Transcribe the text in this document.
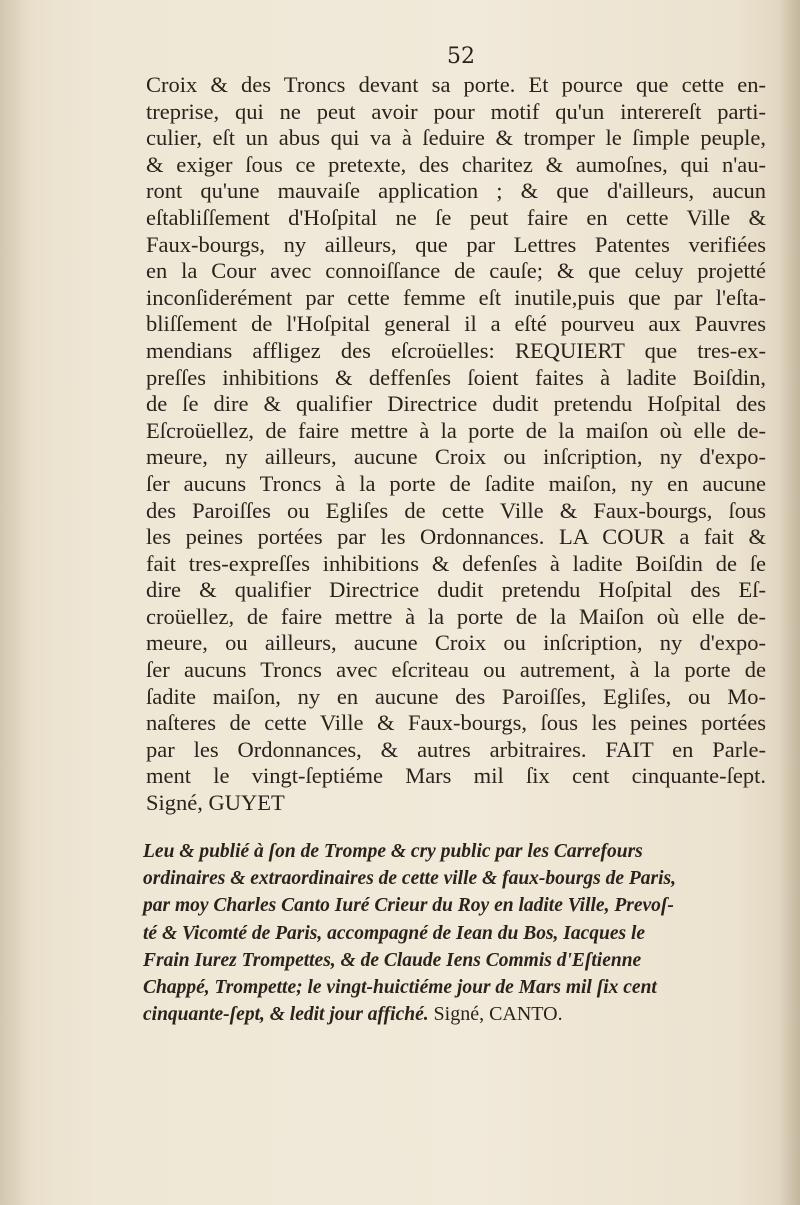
52
Croix & des Troncs devant sa porte. Et pource que cette en-
treprise, qui ne peut avoir pour motif qu'un interereſt parti-
culier, eſt un abus qui va à ſeduire & tromper le ſimple peuple,
& exiger ſous ce pretexte, des charitez & aumoſnes, qui n'au-
ront qu'une mauvaiſe application ; & que d'ailleurs, aucun
eſtabliſſement d'Hoſpital ne ſe peut faire en cette Ville &
Faux-bourgs, ny ailleurs, que par Lettres Patentes verifiées
en la Cour avec connoiſſance de cauſe; & que celuy projetté
inconſiderément par cette femme eſt inutile,puis que par l'eſta-
bliſſement de l'Hoſpital general il a eſté pourveu aux Pauvres
mendians affligez des eſcroüelles: REQUIERT que tres-ex-
preſſes inhibitions & deffenſes ſoient faites à ladite Boiſdin,
de ſe dire & qualifier Directrice dudit pretendu Hoſpital des
Eſcroüellez, de faire mettre à la porte de la maiſon où elle de-
meure, ny ailleurs, aucune Croix ou inſcription, ny d'expo-
ſer aucuns Troncs à la porte de ſadite maiſon, ny en aucune
des Paroiſſes ou Egliſes de cette Ville & Faux-bourgs, ſous
les peines portées par les Ordonnances. LA COUR a fait &
fait tres-expreſſes inhibitions & defenſes à ladite Boiſdin de ſe
dire & qualifier Directrice dudit pretendu Hoſpital des Eſ-
croüellez, de faire mettre à la porte de la Maiſon où elle de-
meure, ou ailleurs, aucune Croix ou inſcription, ny d'expo-
ſer aucuns Troncs avec eſcriteau ou autrement, à la porte de
ſadite maiſon, ny en aucune des Paroiſſes, Egliſes, ou Mo-
naſteres de cette Ville & Faux-bourgs, ſous les peines portées
par les Ordonnances, & autres arbitraires. FAIT en Parle-
ment le vingt-ſeptiéme Mars mil ſix cent cinquante-ſept.
Signé, GUYET
Leu & publié à ſon de Trompe & cry public par les Carrefours
ordinaires & extraordinaires de cette ville & faux-bourgs de Paris,
par moy Charles Canto Iuré Crieur du Roy en ladite Ville, Prevoſ-
té & Vicomté de Paris, accompagné de Iean du Bos, Iacques le
Frain Iurez Trompettes, & de Claude Iens Commis d'Eſtienne
Chappé, Trompette; le vingt-huictiéme jour de Mars mil ſix cent
cinquante-ſept, & ledit jour affiché. Signé, CANTO.
